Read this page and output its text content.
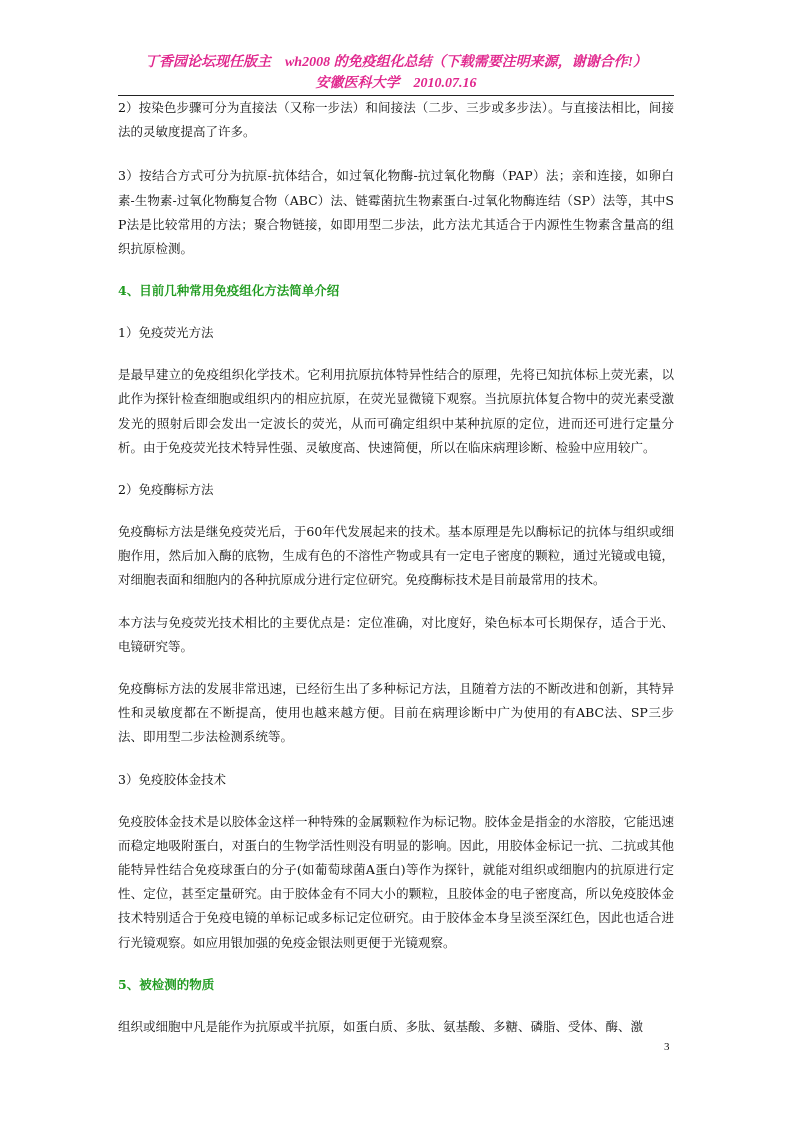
丁香园论坛现任版主　wh2008 的免疫组化总结（下载需要注明来源，谢谢合作!）
安徽医科大学　2010.07.16

2）按染色步骤可分为直接法（又称一步法）和间接法（二步、三步或多步法）。与直接法相比，间接法的灵敏度提高了许多。

3）按结合方式可分为抗原-抗体结合，如过氧化物酶-抗过氧化物酶（PAP）法；亲和连接，如卵白素-生物素-过氧化物酶复合物（ABC）法、链霉菌抗生物素蛋白-过氧化物酶连结（SP）法等，其中SP法是比较常用的方法；聚合物链接，如即用型二步法，此方法尤其适合于内源性生物素含量高的组织抗原检测。

4、目前几种常用免疫组化方法简单介绍

1）免疫荧光方法

是最早建立的免疫组织化学技术。它利用抗原抗体特异性结合的原理，先将已知抗体标上荧光素，以此作为探针检查细胞或组织内的相应抗原，在荧光显微镜下观察。当抗原抗体复合物中的荧光素受激发光的照射后即会发出一定波长的荧光，从而可确定组织中某种抗原的定位，进而还可进行定量分析。由于免疫荧光技术特异性强、灵敏度高、快速简便，所以在临床病理诊断、检验中应用较广。

2）免疫酶标方法

免疫酶标方法是继免疫荧光后，于60年代发展起来的技术。基本原理是先以酶标记的抗体与组织或细胞作用，然后加入酶的底物，生成有色的不溶性产物或具有一定电子密度的颗粒，通过光镜或电镜，对细胞表面和细胞内的各种抗原成分进行定位研究。免疫酶标技术是目前最常用的技术。

本方法与免疫荧光技术相比的主要优点是：定位准确，对比度好，染色标本可长期保存，适合于光、电镜研究等。

免疫酶标方法的发展非常迅速，已经衍生出了多种标记方法，且随着方法的不断改进和创新，其特异性和灵敏度都在不断提高，使用也越来越方便。目前在病理诊断中广为使用的有ABC法、SP三步法、即用型二步法检测系统等。

3）免疫胶体金技术

免疫胶体金技术是以胶体金这样一种特殊的金属颗粒作为标记物。胶体金是指金的水溶胶，它能迅速而稳定地吸附蛋白，对蛋白的生物学活性则没有明显的影响。因此，用胶体金标记一抗、二抗或其他能特异性结合免疫球蛋白的分子(如葡萄球菌A蛋白)等作为探针，就能对组织或细胞内的抗原进行定性、定位，甚至定量研究。由于胶体金有不同大小的颗粒，且胶体金的电子密度高，所以免疫胶体金技术特别适合于免疫电镜的单标记或多标记定位研究。由于胶体金本身呈淡至深红色，因此也适合进行光镜观察。如应用银加强的免疫金银法则更便于光镜观察。

5、被检测的物质

组织或细胞中凡是能作为抗原或半抗原，如蛋白质、多肽、氨基酸、多糖、磷脂、受体、酶、激

3
